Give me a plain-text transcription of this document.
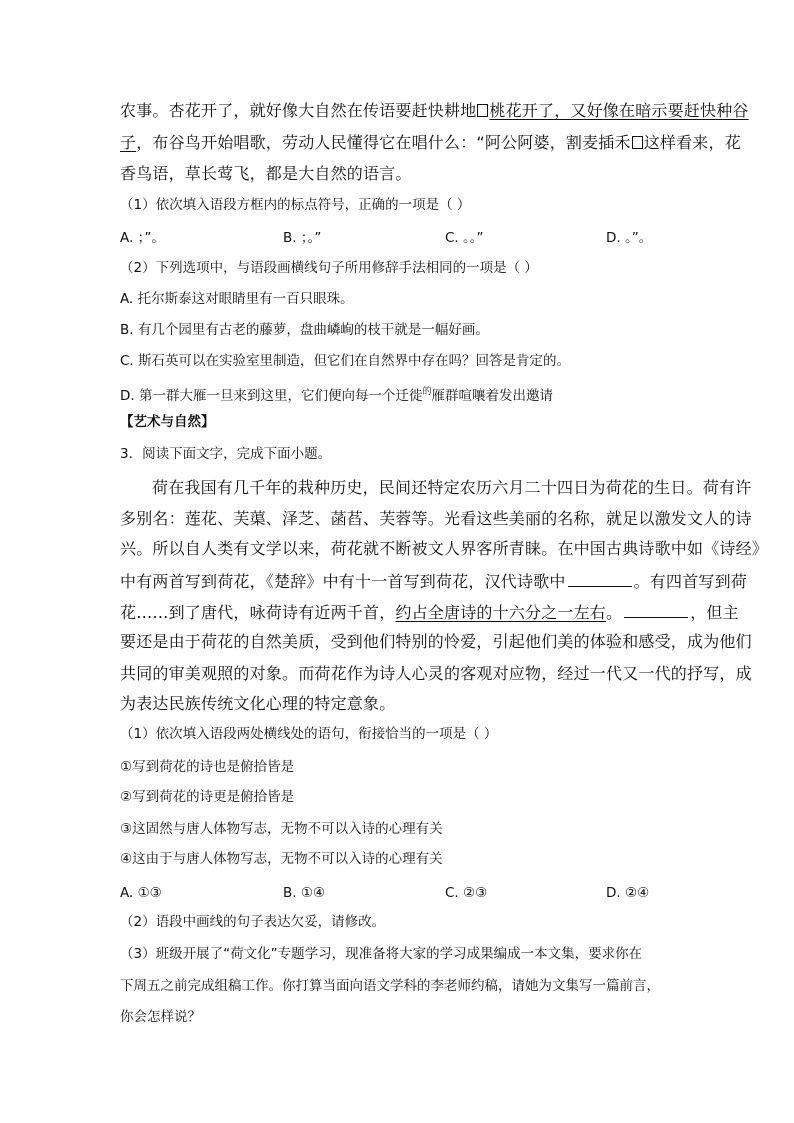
农事。杏花开了，就好像大自然在传语要赶快耕地 桃花开了，又好像在暗示要赶快种谷
子，布谷鸟开始唱歌，劳动人民懂得它在唱什么：“阿公阿婆，割麦插禾 这样看来，花
香鸟语，草长莺飞，都是大自然的语言。
（1）依次填入语段方框内的标点符号，正确的一项是（ ）
A. ；”。	B. ；。”	C. 。。”	D. 。”。
（2）下列选项中，与语段画横线句子所用修辞手法相同的一项是（ ）
A. 托尔斯泰这对眼睛里有一百只眼珠。
B. 有几个园里有古老的藤萝，盘曲嶙峋的枝干就是一幅好画。
C. 斯石英可以在实验室里制造，但它们在自然界中存在吗？回答是肯定的。
D. 第一群大雁一旦来到这里，它们便向每一个迁徙$^的$雁群喧嚷着发出邀请
【艺术与自然】
3．阅读下面文字，完成下面小题。
荷在我国有几千年的栽种历史，民间还特定农历六月二十四日为荷花的生日。荷有许
多别名：莲花、芙蕖、泽芝、菡萏、芙蓉等。光看这些美丽的名称，就足以激发文人的诗
兴。所以自人类有文学以来，荷花就不断被文人界客所青睐。在中国古典诗歌中如《诗经》
中有两首写到荷花，《楚辞》中有十一首写到荷花，汉代诗歌中	。有四首写到荷
花……到了唐代，咏荷诗有近两千首，约占全唐诗的十六分之一左右。	，但主
要还是由于荷花的自然美质，受到他们特别的怜爱，引起他们美的体验和感受，成为他们
共同的审美观照的对象。而荷花作为诗人心灵的客观对应物，经过一代又一代的抒写，成
为表达民族传统文化心理的特定意象。
（1）依次填入语段两处横线处的语句，衔接恰当的一项是（ ）
①写到荷花的诗也是俯拾皆是
②写到荷花的诗更是俯拾皆是
③这固然与唐人体物写志，无物不可以入诗的心理有关
④这由于与唐人体物写志，无物不可以入诗的心理有关
A. ①③	B. ①④	C. ②③	D. ②④
（2）语段中画线的句子表达欠妥，请修改。
（3）班级开展了“荷文化”专题学习，现准备将大家的学习成果编成一本文集，要求你在
下周五之前完成组稿工作。你打算当面向语文学科的李老师约稿，请她为文集写一篇前言，
你会怎样说？
